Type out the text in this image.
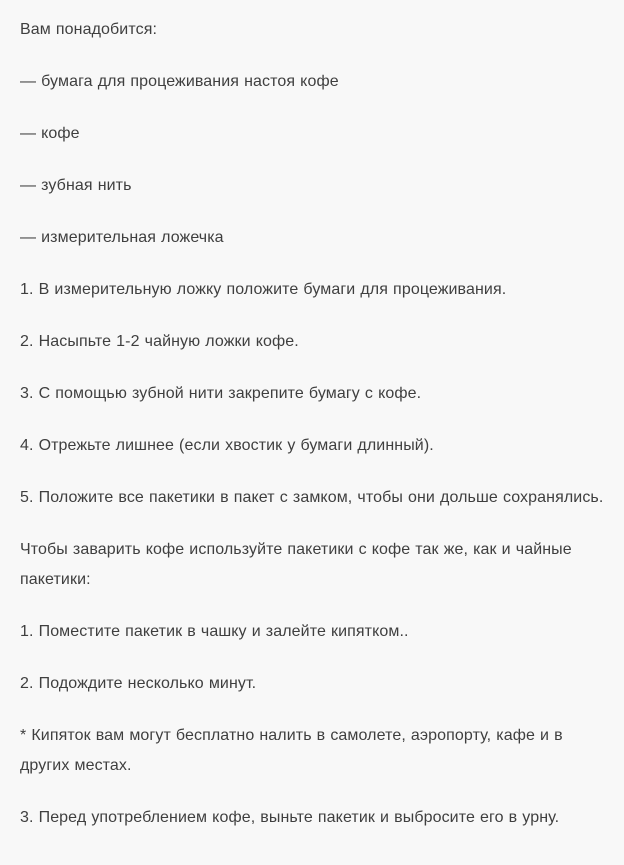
Вам понадобится:

— бумага для процеживания настоя кофе

— кофе

— зубная нить

— измерительная ложечка

1. В измерительную ложку положите бумаги для процеживания.

2. Насыпьте 1-2 чайную ложки кофе.

3. С помощью зубной нити закрепите бумагу с кофе.

4. Отрежьте лишнее (если хвостик у бумаги длинный).

5. Положите все пакетики в пакет с замком, чтобы они дольше сохранялись.

Чтобы заварить кофе используйте пакетики с кофе так же, как и чайные пакетики:

1. Поместите пакетик в чашку и залейте кипятком..

2. Подождите несколько минут.

* Кипяток вам могут бесплатно налить в самолете, аэропорту, кафе и в других местах.

3. Перед употреблением кофе, выньте пакетик и выбросите его в урну.
